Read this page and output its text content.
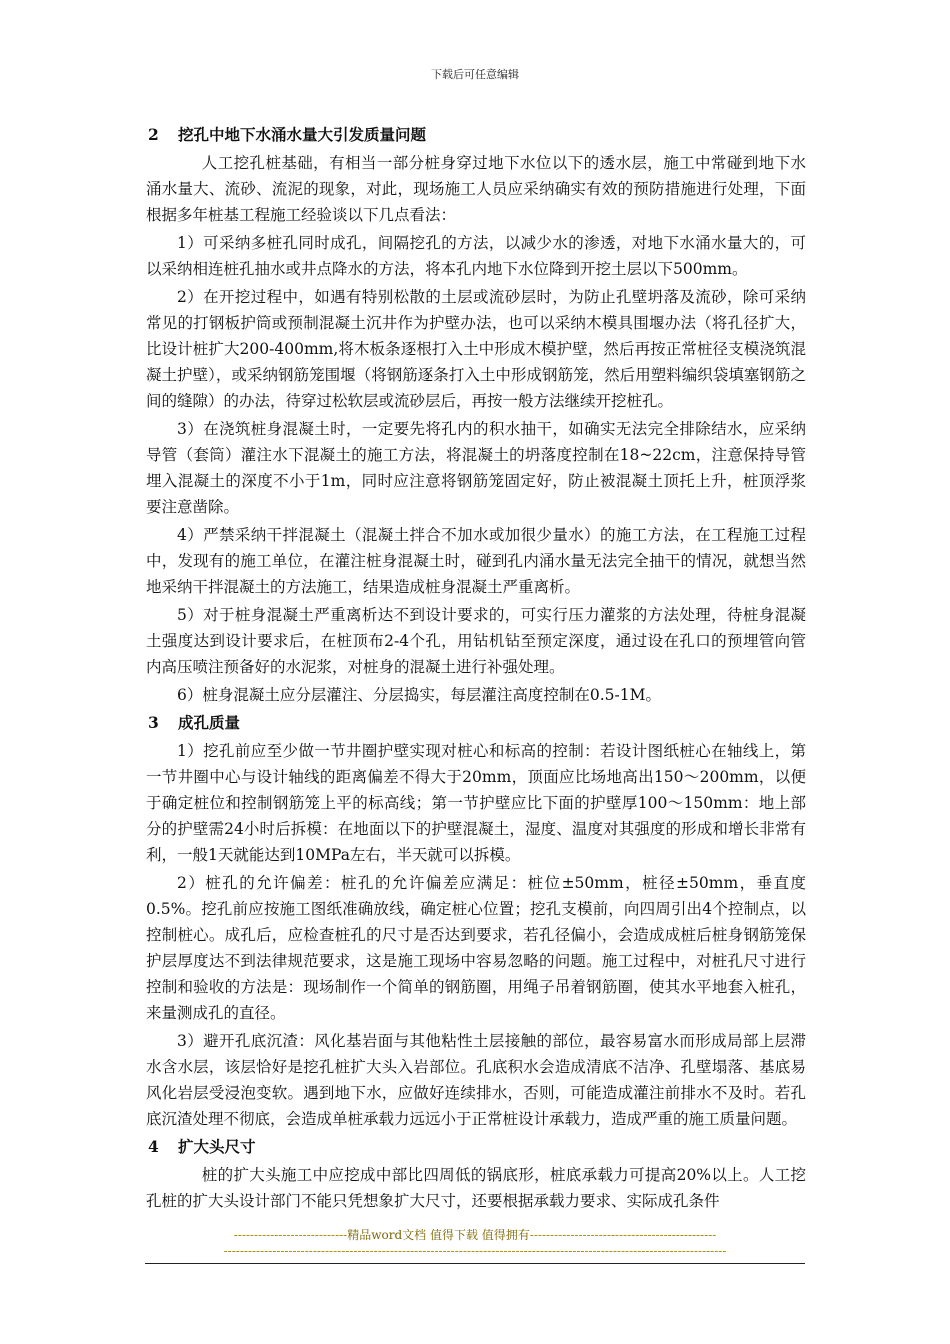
下载后可任意编辑
2 挖孔中地下水涌水量大引发质量问题

人工挖孔桩基础，有相当一部分桩身穿过地下水位以下的透水层，施工中常碰到地下水涌水量大、流砂、流泥的现象，对此，现场施工人员应采纳确实有效的预防措施进行处理，下面根据多年桩基工程施工经验谈以下几点看法：

1）可采纳多桩孔同时成孔，间隔挖孔的方法，以减少水的渗透，对地下水涌水量大的，可以采纳相连桩孔抽水或井点降水的方法，将本孔内地下水位降到开挖土层以下500mm。

2）在开挖过程中，如遇有特别松散的土层或流砂层时，为防止孔壁坍落及流砂，除可采纳常见的打钢板护筒或预制混凝土沉井作为护壁办法，也可以采纳木模具围堰办法（将孔径扩大，比设计桩扩大200-400mm,将木板条逐根打入土中形成木模护壁，然后再按正常桩径支模浇筑混凝土护壁），或采纳钢筋笼围堰（将钢筋逐条打入土中形成钢筋笼，然后用塑料编织袋填塞钢筋之间的缝隙）的办法，待穿过松软层或流砂层后，再按一般方法继续开挖桩孔。

3）在浇筑桩身混凝土时，一定要先将孔内的积水抽干，如确实无法完全排除结水，应采纳导管（套筒）灌注水下混凝土的施工方法，将混凝土的坍落度控制在18~22cm，注意保持导管埋入混凝土的深度不小于1m，同时应注意将钢筋笼固定好，防止被混凝土顶托上升，桩顶浮浆要注意凿除。

4）严禁采纳干拌混凝土（混凝土拌合不加水或加很少量水）的施工方法，在工程施工过程中，发现有的施工单位，在灌注桩身混凝土时，碰到孔内涌水量无法完全抽干的情况，就想当然地采纳干拌混凝土的方法施工，结果造成桩身混凝土严重离析。

5）对于桩身混凝土严重离析达不到设计要求的，可实行压力灌浆的方法处理，待桩身混凝土强度达到设计要求后，在桩顶布2-4个孔，用钻机钻至预定深度，通过设在孔口的预埋管向管内高压喷注预备好的水泥浆，对桩身的混凝土进行补强处理。

6）桩身混凝土应分层灌注、分层捣实，每层灌注高度控制在0.5-1M。

3 成孔质量

1）挖孔前应至少做一节井圈护壁实现对桩心和标高的控制：若设计图纸桩心在轴线上，第一节井圈中心与设计轴线的距离偏差不得大于20mm，顶面应比场地高出150～200mm，以便于确定桩位和控制钢筋笼上平的标高线；第一节护壁应比下面的护壁厚100～150mm：地上部分的护壁需24小时后拆模：在地面以下的护壁混凝土，湿度、温度对其强度的形成和增长非常有利，一般1天就能达到10MPa左右，半天就可以拆模。

2）桩孔的允许偏差：桩孔的允许偏差应满足：桩位±50mm，桩径±50mm，垂直度0.5%。挖孔前应按施工图纸准确放线，确定桩心位置；挖孔支模前，向四周引出4个控制点，以控制桩心。成孔后，应检查桩孔的尺寸是否达到要求，若孔径偏小，会造成成桩后桩身钢筋笼保护层厚度达不到法律规范要求，这是施工现场中容易忽略的问题。施工过程中，对桩孔尺寸进行控制和验收的方法是：现场制作一个简单的钢筋圈，用绳子吊着钢筋圈，使其水平地套入桩孔，来量测成孔的直径。

3）避开孔底沉渣：风化基岩面与其他粘性土层接触的部位，最容易富水而形成局部上层滞水含水层，该层恰好是挖孔桩扩大头入岩部位。孔底积水会造成清底不洁净、孔壁塌落、基底易风化岩层受浸泡变软。遇到地下水，应做好连续排水，否则，可能造成灌注前排水不及时。若孔底沉渣处理不彻底，会造成单桩承载力远远小于正常桩设计承载力，造成严重的施工质量问题。

4 扩大头尺寸

桩的扩大头施工中应挖成中部比四周低的锅底形，桩底承载力可提高20%以上。人工挖孔桩的扩大头设计部门不能只凭想象扩大尺寸，还要根据承载力要求、实际成孔条件

----------------------------精品word文档 值得下载 值得拥有----------------------------------------------
----------------------------------------------------------------------------------------------------------------------------
